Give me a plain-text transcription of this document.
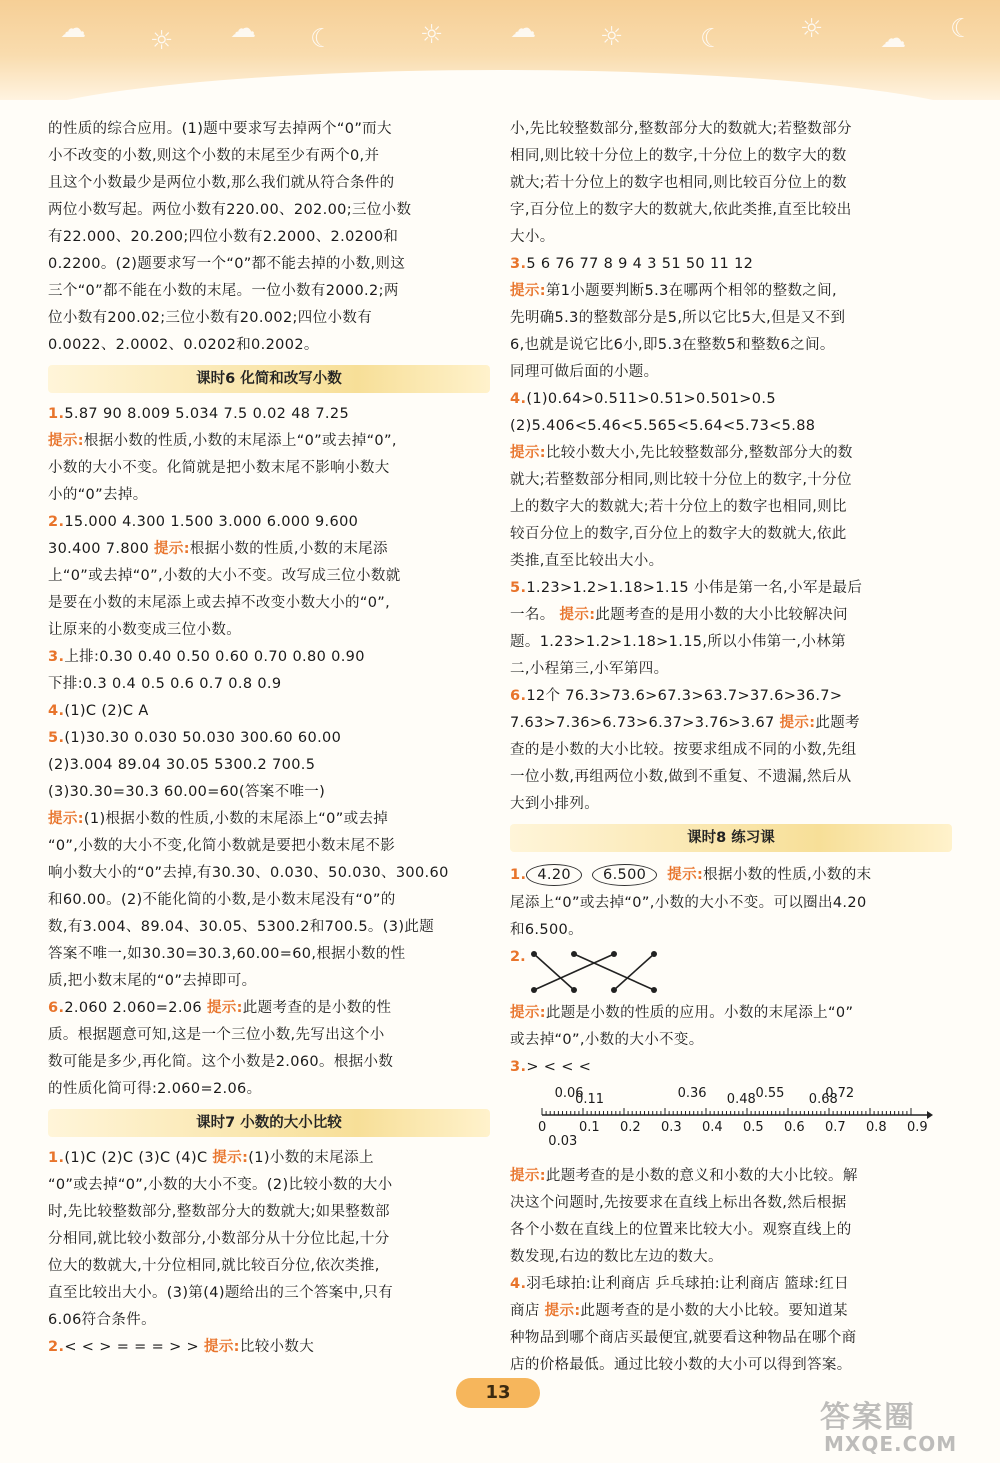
☁ ☼ ☁ ☾	☼	☁ ☼	☾	☼ ☁ ☾
的性质的综合应用。(1)题中要求写去掉两个“0”而大
小不改变的小数,则这个小数的末尾至少有两个0,并
且这个小数最少是两位小数,那么我们就从符合条件的
两位小数写起。两位小数有220.00、202.00;三位小数
有22.000、20.200;四位小数有2.2000、2.0200和
0.2200。(2)题要求写一个“0”都不能去掉的小数,则这
三个“0”都不能在小数的末尾。一位小数有2000.2;两
位小数有200.02;三位小数有20.002;四位小数有
0.0022、2.0002、0.0202和0.2002。
课时6 化简和改写小数
1.5.87 90 8.009 5.034 7.5 0.02 48 7.25
提示:根据小数的性质,小数的末尾添上“0”或去掉“0”,
小数的大小不变。化简就是把小数末尾不影响小数大
小的“0”去掉。
2.15.000 4.300 1.500 3.000 6.000 9.600
30.400 7.800 提示:根据小数的性质,小数的末尾添
上“0”或去掉“0”,小数的大小不变。改写成三位小数就
是要在小数的末尾添上或去掉不改变小数大小的“0”,
让原来的小数变成三位小数。
3.上排:0.30 0.40 0.50 0.60 0.70 0.80 0.90
下排:0.3 0.4 0.5 0.6 0.7 0.8 0.9
4.(1)C (2)C A
5.(1)30.30 0.030 50.030 300.60 60.00
(2)3.004 89.04 30.05 5300.2 700.5
(3)30.30=30.3 60.00=60(答案不唯一)
提示:(1)根据小数的性质,小数的末尾添上“0”或去掉
“0”,小数的大小不变,化简小数就是要把小数末尾不影
响小数大小的“0”去掉,有30.30、0.030、50.030、300.60
和60.00。(2)不能化简的小数,是小数末尾没有“0”的
数,有3.004、89.04、30.05、5300.2和700.5。(3)此题
答案不唯一,如30.30=30.3,60.00=60,根据小数的性
质,把小数末尾的“0”去掉即可。
6.2.060 2.060=2.06 提示:此题考查的是小数的性
质。根据题意可知,这是一个三位小数,先写出这个小
数可能是多少,再化简。这个小数是2.060。根据小数
的性质化简可得:2.060=2.06。
课时7 小数的大小比较
1.(1)C (2)C (3)C (4)C 提示:(1)小数的末尾添上
“0”或去掉“0”,小数的大小不变。(2)比较小数的大小
时,先比较整数部分,整数部分大的数就大;如果整数部
分相同,就比较小数部分,小数部分从十分位比起,十分
位大的数就大,十分位相同,就比较百分位,依次类推,
直至比较出大小。(3)第(4)题给出的三个答案中,只有
6.06符合条件。
2.< < > = = = > > 提示:比较小数大
小,先比较整数部分,整数部分大的数就大;若整数部分
相同,则比较十分位上的数字,十分位上的数字大的数
就大;若十分位上的数字也相同,则比较百分位上的数
字,百分位上的数字大的数就大,依此类推,直至比较出
大小。
3.5 6 76 77 8 9 4 3 51 50 11 12
提示:第1小题要判断5.3在哪两个相邻的整数之间,
先明确5.3的整数部分是5,所以它比5大,但是又不到
6,也就是说它比6小,即5.3在整数5和整数6之间。
同理可做后面的小题。
4.(1)0.64>0.511>0.51>0.501>0.5
(2)5.406<5.46<5.565<5.64<5.73<5.88
提示:比较小数大小,先比较整数部分,整数部分大的数
就大;若整数部分相同,则比较十分位上的数字,十分位
上的数字大的数就大;若十分位上的数字也相同,则比
较百分位上的数字,百分位上的数字大的数就大,依此
类推,直至比较出大小。
5.1.23>1.2>1.18>1.15 小伟是第一名,小军是最后
一名。 提示:此题考查的是用小数的大小比较解决问
题。1.23>1.2>1.18>1.15,所以小伟第一,小林第
二,小程第三,小军第四。
6.12个 76.3>73.6>67.3>63.7>37.6>36.7>
7.63>7.36>6.73>6.37>3.76>3.67 提示:此题考
查的是小数的大小比较。按要求组成不同的小数,先组
一位小数,再组两位小数,做到不重复、不遗漏,然后从
大到小排列。
课时8 练习课
1. 4.20 6.500 提示:根据小数的性质,小数的末
尾添上“0”或去掉“0”,小数的大小不变。可以圈出4.20
和6.500。
2.
提示:此题是小数的性质的应用。小数的末尾添上“0”
或去掉“0”,小数的大小不变。
3.> < < <
0	0.1 0.2 0.3 0.4 0.5 0.6 0.7 0.8 0.9
0.06
0.11	0.36 0.48 0.55 0.68
0.72
0.03
提示:此题考查的是小数的意义和小数的大小比较。解
决这个问题时,先按要求在直线上标出各数,然后根据
各个小数在直线上的位置来比较大小。观察直线上的
数发现,右边的数比左边的数大。
4.羽毛球拍:让利商店 乒乓球拍:让利商店 篮球:红日
商店 提示:此题考查的是小数的大小比较。要知道某
种物品到哪个商店买最便宜,就要看这种物品在哪个商
店的价格最低。通过比较小数的大小可以得到答案。
13
答案圈
MXQE.COM
